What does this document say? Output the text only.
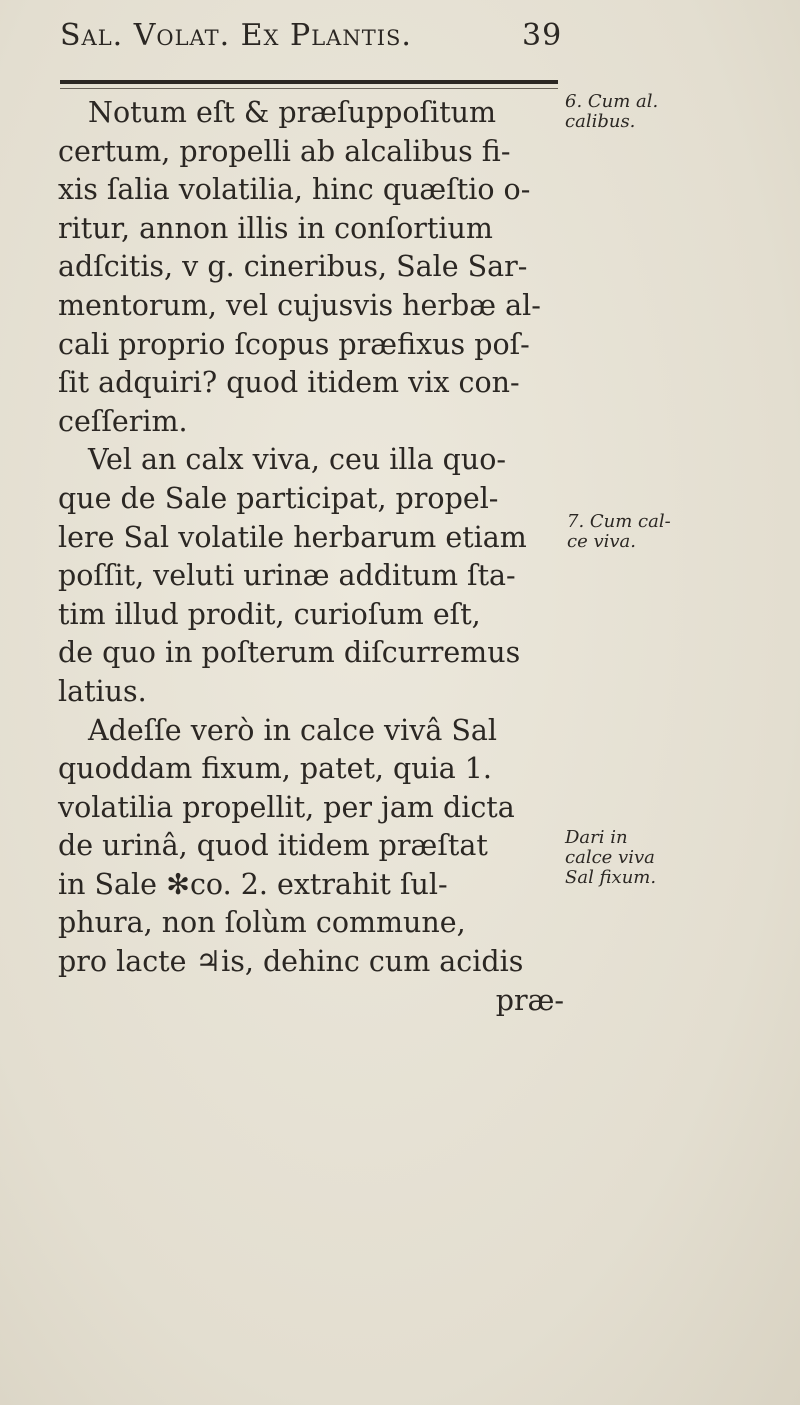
Sal. Volat. Ex Plantis.	39
Notum eſt & præſuppoſitum
certum, propelli ab alcalibus fi-
xis ſalia volatilia, hinc quæſtio o-
ritur, annon illis in conſortium
adſcitis, v g. cineribus, Sale Sar-
mentorum, vel cujusvis herbæ al-
cali proprio ſcopus præfixus poſ-
ſit adquiri? quod itidem vix con-
ceſſerim.
Vel an calx viva, ceu illa quo-
que de Sale participat, propel-
lere Sal volatile herbarum etiam
poſſit, veluti urinæ additum ſta-
tim illud prodit, curioſum eſt,
de quo in poſterum diſcurremus
latius.
Adeſſe verò in calce vivâ Sal
quoddam fixum, patet, quia 1.
volatilia propellit, per jam dicta
de urinâ, quod itidem præſtat
in Sale ✻co. 2. extrahit ſul-
phura, non ſolùm commune,
pro lacte ♃is, dehinc cum acidis
præ-
6. Cum al.
calibus.
7. Cum cal-
ce viva.
Dari in
calce viva
Sal fixum.
